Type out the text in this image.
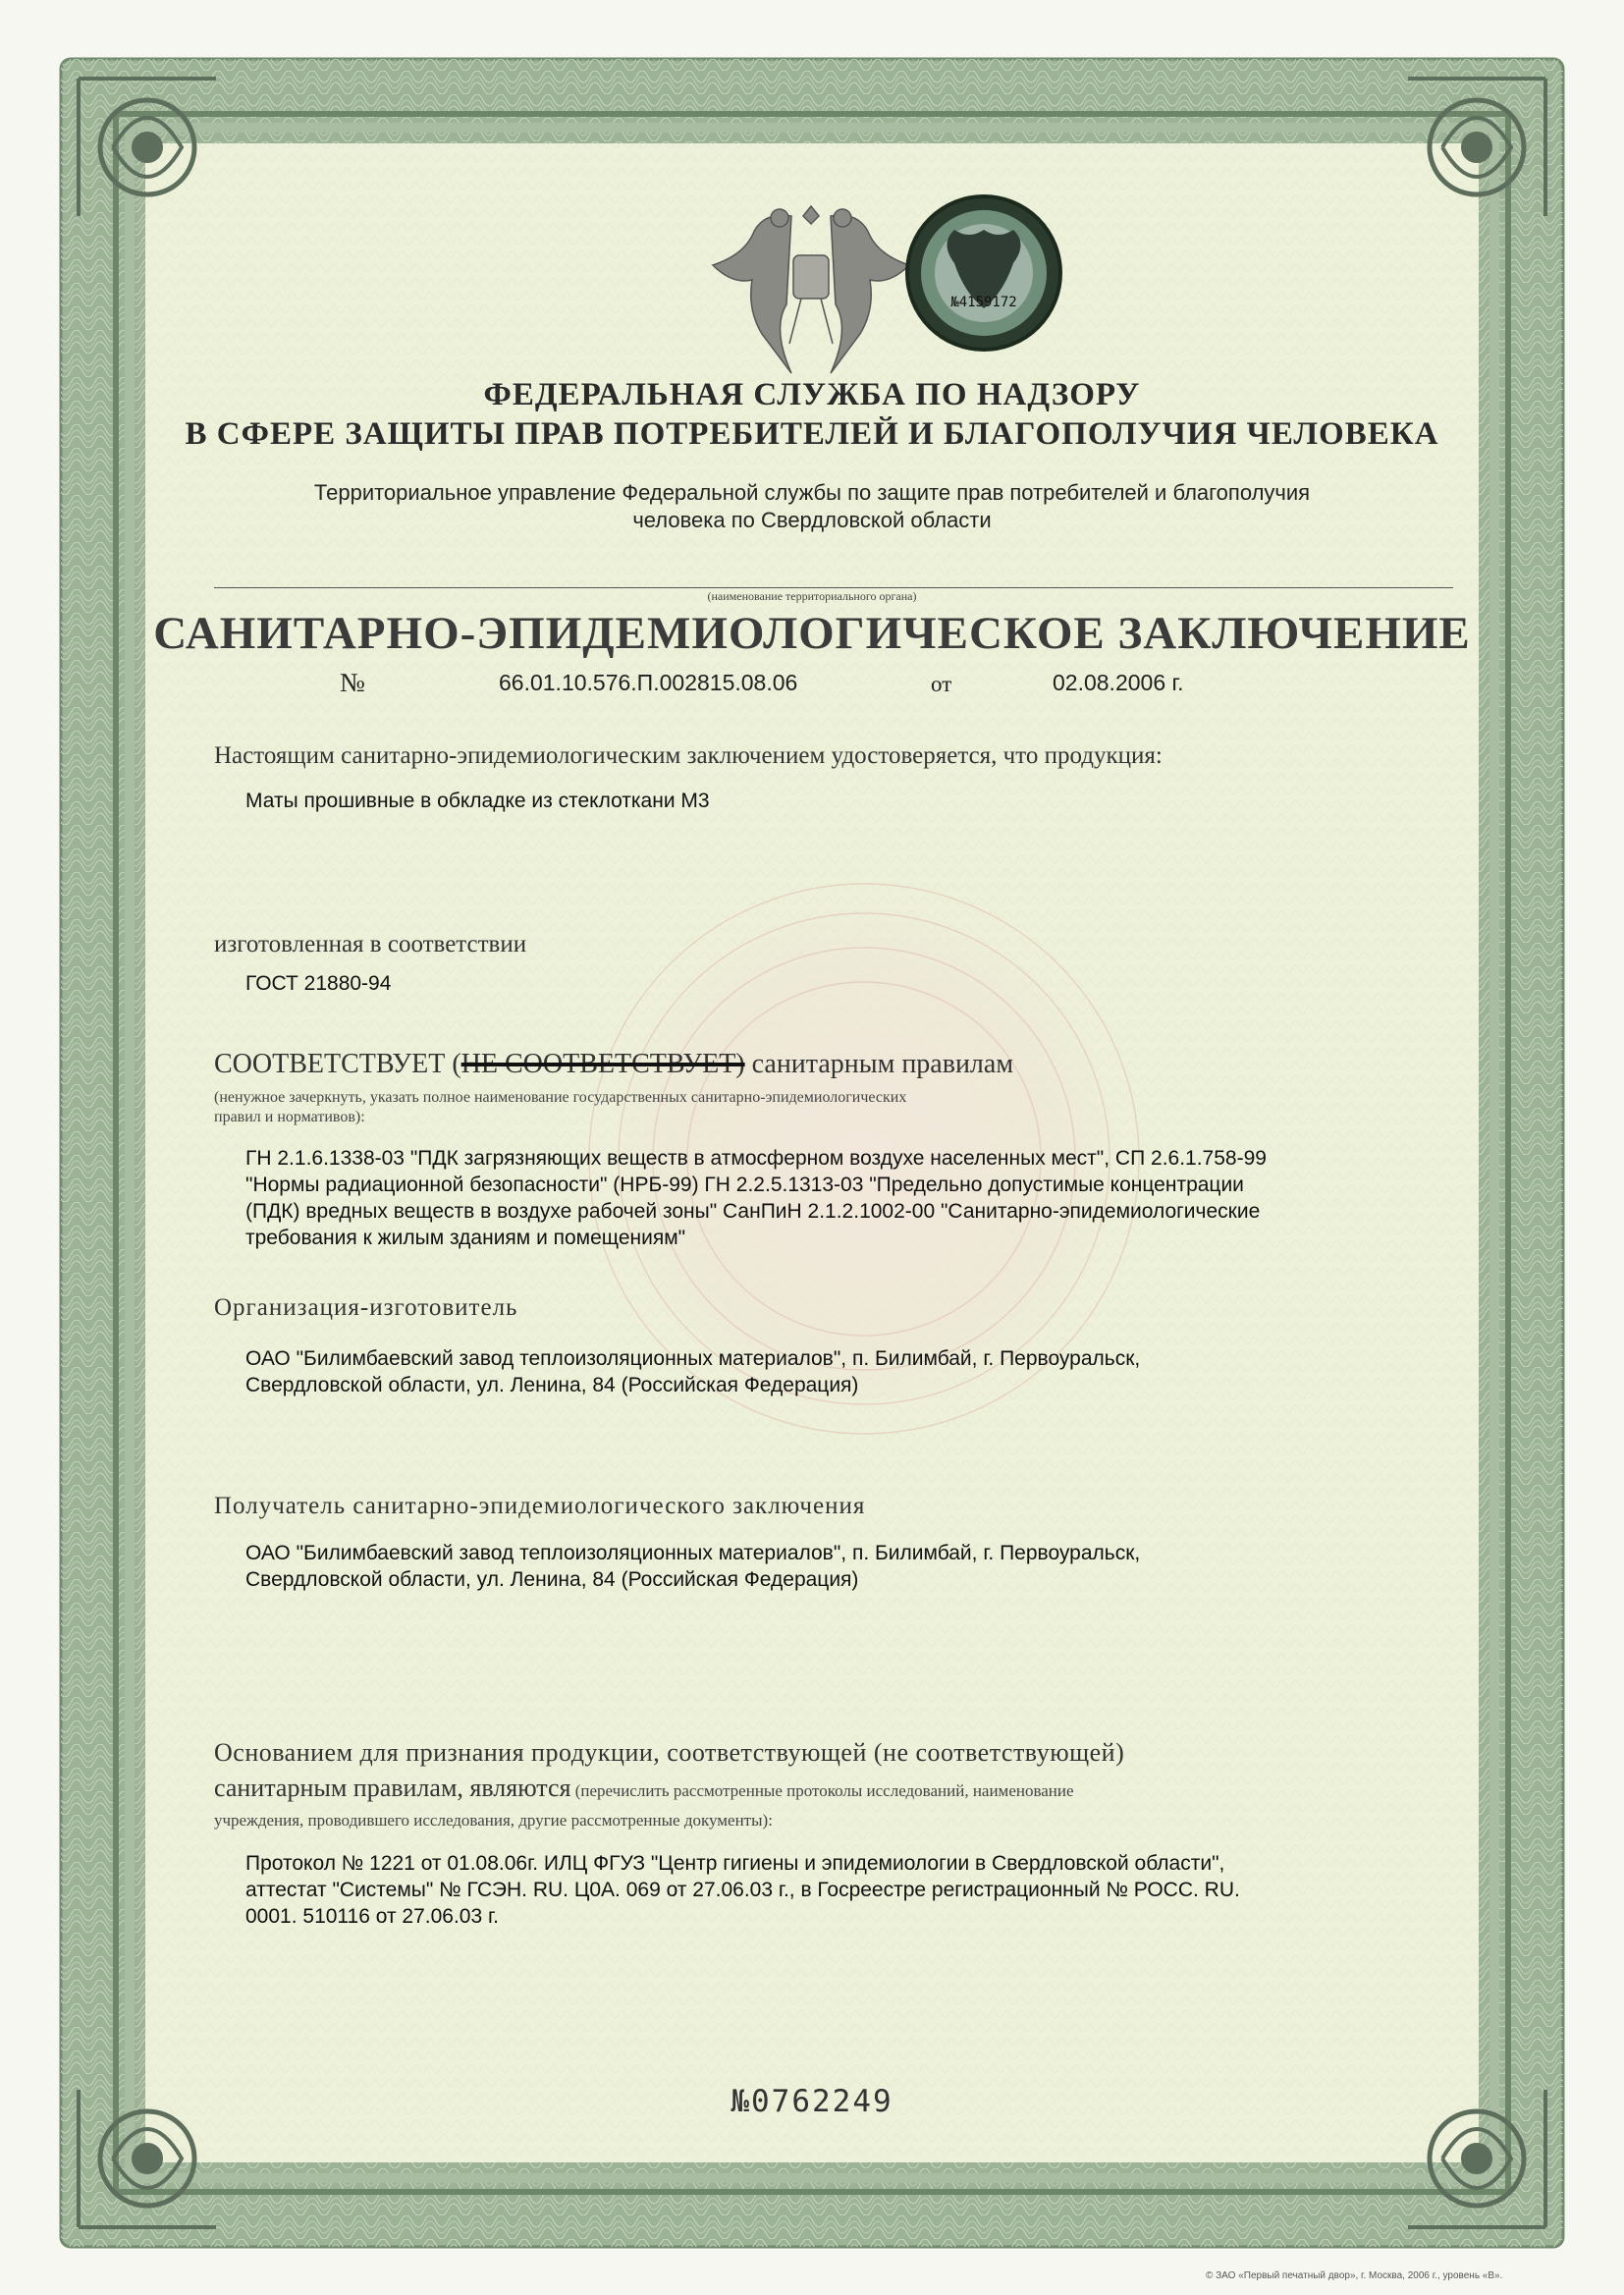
№4159172
ФЕДЕРАЛЬНАЯ СЛУЖБА ПО НАДЗОРУ
В СФЕРЕ ЗАЩИТЫ ПРАВ ПОТРЕБИТЕЛЕЙ И БЛАГОПОЛУЧИЯ ЧЕЛОВЕКА
Территориальное управление Федеральной службы по защите прав потребителей и благополучия
человека по Свердловской области
(наименование территориального органа)
САНИТАРНО-ЭПИДЕМИОЛОГИЧЕСКОЕ ЗАКЛЮЧЕНИЕ
№	66.01.10.576.П.002815.08.06	от	02.08.2006 г.
Настоящим санитарно-эпидемиологическим заключением удостоверяется, что продукция:
Маты прошивные в обкладке из стеклоткани М3
изготовленная в соответствии
ГОСТ 21880-94
СООТВЕТСТВУЕТ (НЕ СООТВЕТСТВУЕТ) санитарным правилам
(ненужное зачеркнуть, указать полное наименование государственных санитарно-эпидемиологических
правил и нормативов):
ГН 2.1.6.1338-03 "ПДК загрязняющих веществ в атмосферном воздухе населенных мест", СП 2.6.1.758-99
"Нормы радиационной безопасности" (НРБ-99) ГН 2.2.5.1313-03 "Предельно допустимые концентрации
(ПДК) вредных веществ в воздухе рабочей зоны" СанПиН 2.1.2.1002-00 "Санитарно-эпидемиологические
требования к жилым зданиям и помещениям"
Организация-изготовитель
ОАО "Билимбаевский завод теплоизоляционных материалов", п. Билимбай, г. Первоуральск,
Свердловской области, ул. Ленина, 84 (Российская Федерация)
Получатель санитарно-эпидемиологического заключения
ОАО "Билимбаевский завод теплоизоляционных материалов", п. Билимбай, г. Первоуральск,
Свердловской области, ул. Ленина, 84 (Российская Федерация)
Основанием для признания продукции, соответствующей (не соответствующей)
санитарным правилам, являются (перечислить рассмотренные протоколы исследований, наименование
учреждения, проводившего исследования, другие рассмотренные документы):
Протокол № 1221 от 01.08.06г. ИЛЦ ФГУЗ "Центр гигиены и эпидемиологии в Свердловской области",
аттестат "Системы" № ГСЭН. RU. Ц0А. 069 от 27.06.03 г., в Госреестре регистрационный № РОСС. RU.
0001. 510116 от 27.06.03 г.
№0762249
© ЗАО «Первый печатный двор», г. Москва, 2006 г., уровень «В».
